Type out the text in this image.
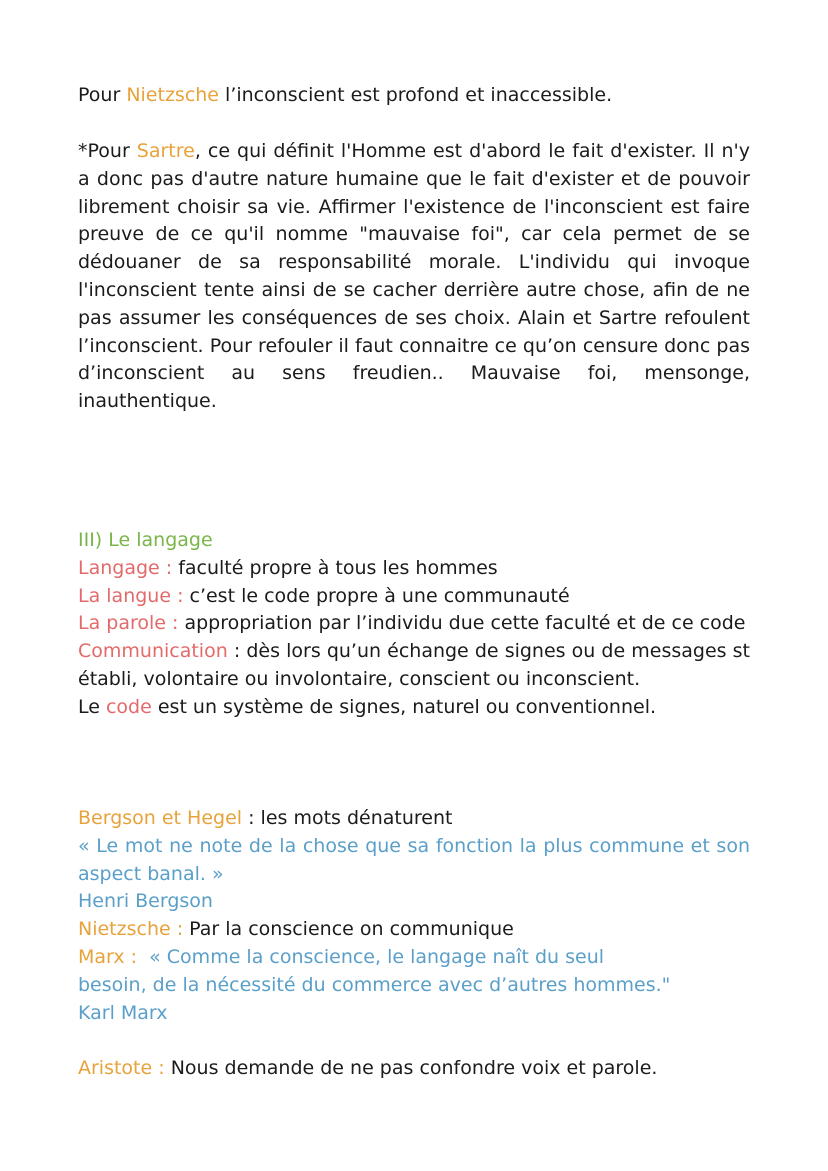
Pour Nietzsche l’inconscient est profond et inaccessible.
*Pour Sartre, ce qui définit l'Homme est d'abord le fait d'exister. Il n'y a donc pas d'autre nature humaine que le fait d'exister et de pouvoir librement choisir sa vie. Affirmer l'existence de l'inconscient est faire preuve de ce qu'il nomme "mauvaise foi", car cela permet de se dédouaner de sa responsabilité morale. L'individu qui invoque l'inconscient tente ainsi de se cacher derrière autre chose, afin de ne pas assumer les conséquences de ses choix. Alain et Sartre refoulent l’inconscient. Pour refouler il faut connaitre ce qu’on censure donc pas d’inconscient au sens freudien.. Mauvaise foi, mensonge, inauthentique.
III) Le langage
Langage : faculté propre à tous les hommes
La langue : c’est le code propre à une communauté
La parole : appropriation par l’individu due cette faculté et de ce code
Communication : dès lors qu’un échange de signes ou de messages st établi, volontaire ou involontaire, conscient ou inconscient.
Le code est un système de signes, naturel ou conventionnel.
Bergson et Hegel : les mots dénaturent
« Le mot ne note de la chose que sa fonction la plus commune et son aspect banal. »
Henri Bergson
Nietzsche : Par la conscience on communique
Marx : « Comme la conscience, le langage naît du seul
besoin, de la nécessité du commerce avec d’autres hommes."
Karl Marx
Aristote : Nous demande de ne pas confondre voix et parole.
